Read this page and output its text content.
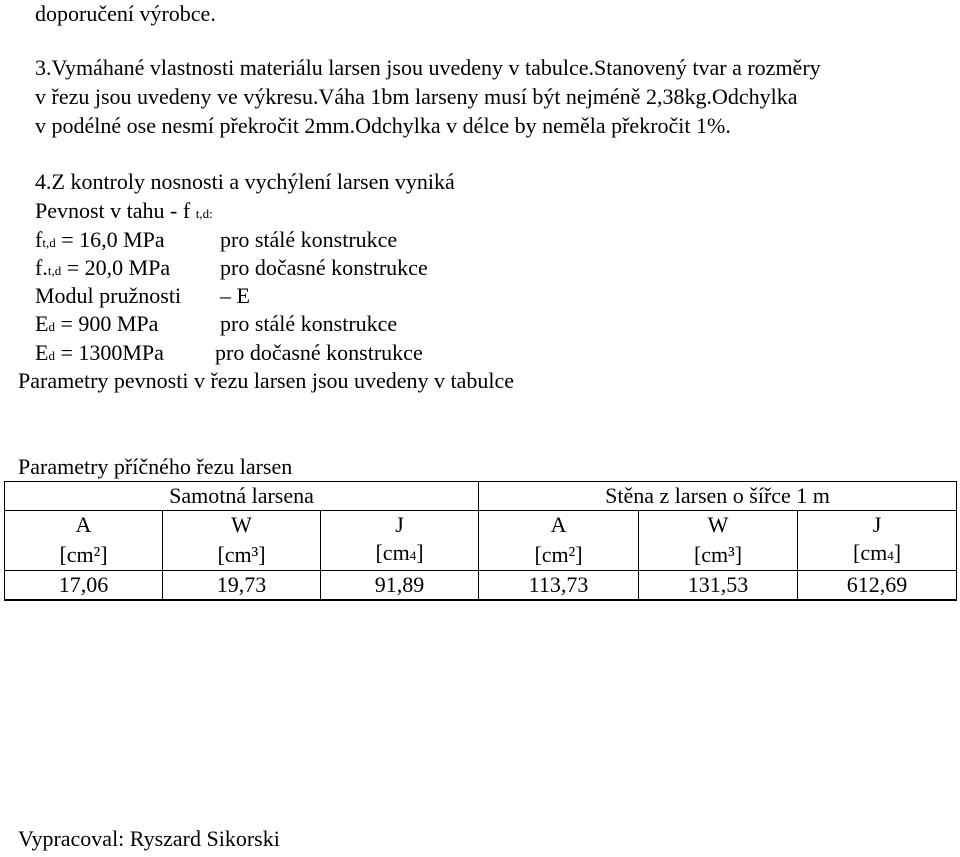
doporučení výrobce.
3.Vymáhané vlastnosti materiálu larsen jsou uvedeny v tabulce.Stanovený tvar a rozměry
v řezu jsou uvedeny ve výkresu.Váha 1bm larseny musí být nejméně 2,38kg.Odchylka
v podélné ose nesmí překročit 2mm.Odchylka v délce by neměla překročit 1%.
4.Z kontroly nosnosti a vychýlení larsen vyniká
Pevnost v tahu - f t,d:
ft,d = 16,0 MPa	pro stálé konstrukce
f.t,d = 20,0 MPa pro dočasné konstrukce
Modul pružnosti – E
Ed = 900 MPa	pro stálé konstrukce
Ed = 1300MPa pro dočasné konstrukce
Parametry pevnosti v řezu larsen jsou uvedeny v tabulce
Parametry příčného řezu larsen
Samotná larsena			Stěna z larsen o šířce 1 m		
A	W	J	A	W	J
[cm²]	[cm³]	[cm4]	[cm²]	[cm³]	[cm4]
17,06	19,73	91,89	113,73	131,53	612,69
Vypracoval: Ryszard Sikorski
